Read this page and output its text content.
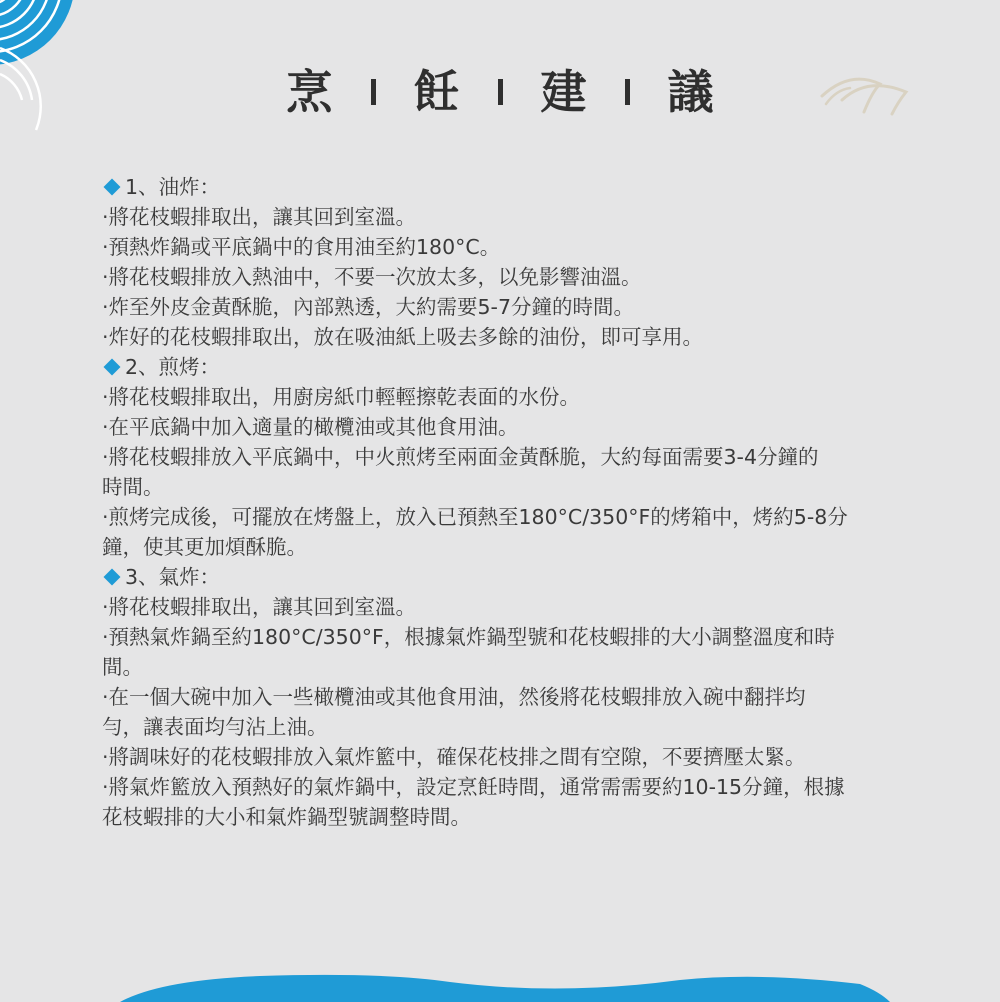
烹 飪 建 議
1、油炸：
‧將花枝蝦排取出，讓其回到室溫。
‧預熱炸鍋或平底鍋中的食用油至約180°C。
‧將花枝蝦排放入熱油中，不要一次放太多，以免影響油溫。
‧炸至外皮金黃酥脆，內部熟透，大約需要5-7分鐘的時間。
‧炸好的花枝蝦排取出，放在吸油紙上吸去多餘的油份，即可享用。
2、煎烤：
‧將花枝蝦排取出，用廚房紙巾輕輕擦乾表面的水份。
‧在平底鍋中加入適量的橄欖油或其他食用油。
‧將花枝蝦排放入平底鍋中，中火煎烤至兩面金黃酥脆，大約每面需要3-4分鐘的
時間。
‧煎烤完成後，可擺放在烤盤上，放入已預熱至180°C/350°F的烤箱中，烤約5-8分
鐘，使其更加煩酥脆。
3、氣炸：
‧將花枝蝦排取出，讓其回到室溫。
‧預熱氣炸鍋至約180°C/350°F，根據氣炸鍋型號和花枝蝦排的大小調整溫度和時
間。
‧在一個大碗中加入一些橄欖油或其他食用油，然後將花枝蝦排放入碗中翻拌均
勻，讓表面均勻沾上油。
‧將調味好的花枝蝦排放入氣炸籃中，確保花枝排之間有空隙，不要擠壓太緊。
‧將氣炸籃放入預熱好的氣炸鍋中，設定烹飪時間，通常需需要約10-15分鐘，根據
花枝蝦排的大小和氣炸鍋型號調整時間。
